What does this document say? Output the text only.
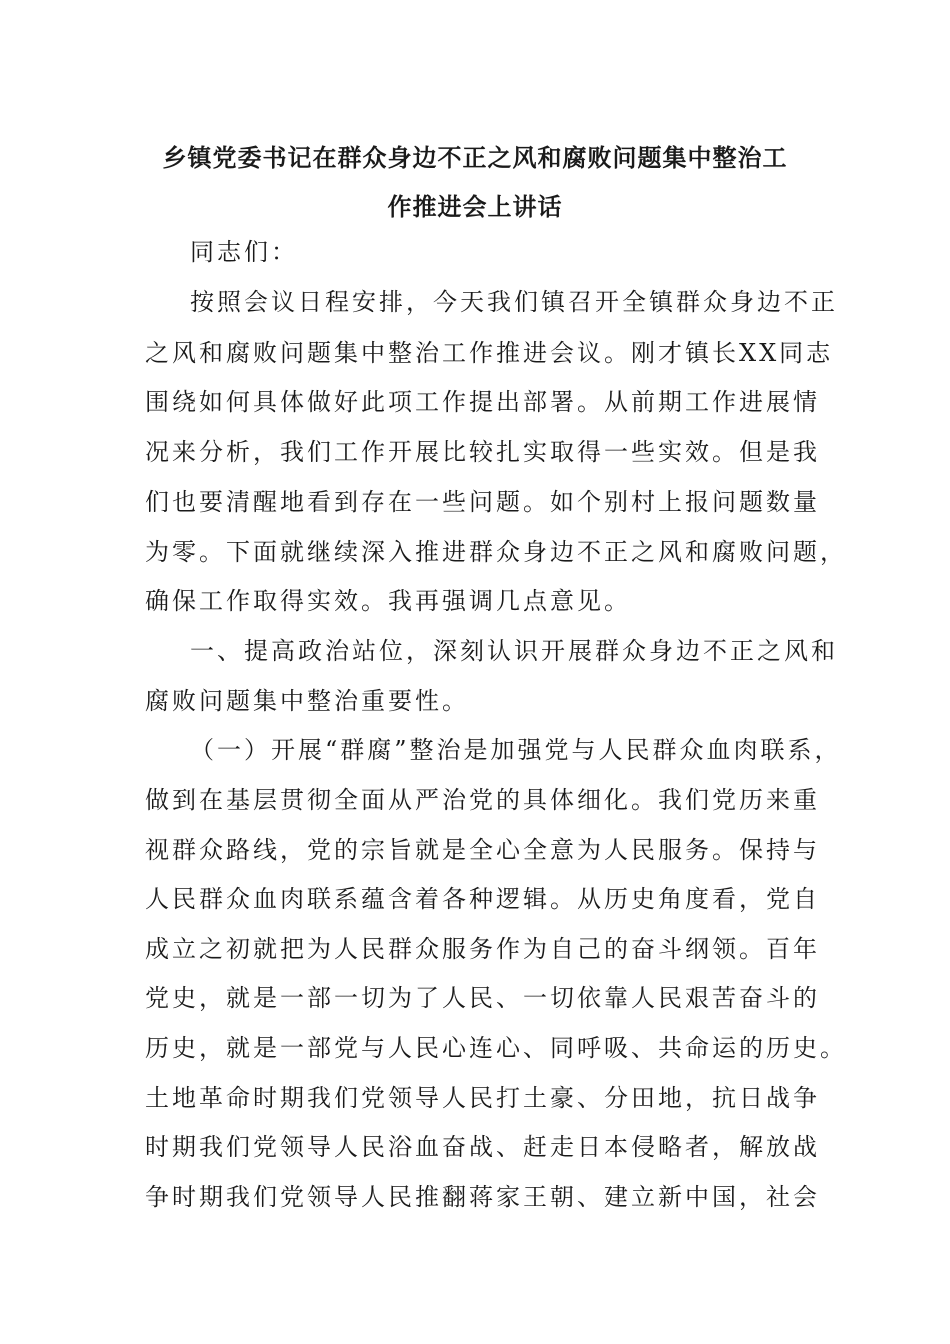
乡镇党委书记在群众身边不正之风和腐败问题集中整治工
作推进会上讲话
同志们：
按照会议日程安排，今天我们镇召开全镇群众身边不正
之风和腐败问题集中整治工作推进会议。刚才镇长XX同志
围绕如何具体做好此项工作提出部署。从前期工作进展情
况来分析，我们工作开展比较扎实取得一些实效。但是我
们也要清醒地看到存在一些问题。如个别村上报问题数量
为零。下面就继续深入推进群众身边不正之风和腐败问题，
确保工作取得实效。我再强调几点意见。
一、提高政治站位，深刻认识开展群众身边不正之风和
腐败问题集中整治重要性。
（一）开展“群腐”整治是加强党与人民群众血肉联系，
做到在基层贯彻全面从严治党的具体细化。我们党历来重
视群众路线，党的宗旨就是全心全意为人民服务。保持与
人民群众血肉联系蕴含着各种逻辑。从历史角度看，党自
成立之初就把为人民群众服务作为自己的奋斗纲领。百年
党史，就是一部一切为了人民、一切依靠人民艰苦奋斗的
历史，就是一部党与人民心连心、同呼吸、共命运的历史。
土地革命时期我们党领导人民打土豪、分田地，抗日战争
时期我们党领导人民浴血奋战、赶走日本侵略者，解放战
争时期我们党领导人民推翻蒋家王朝、建立新中国，社会
